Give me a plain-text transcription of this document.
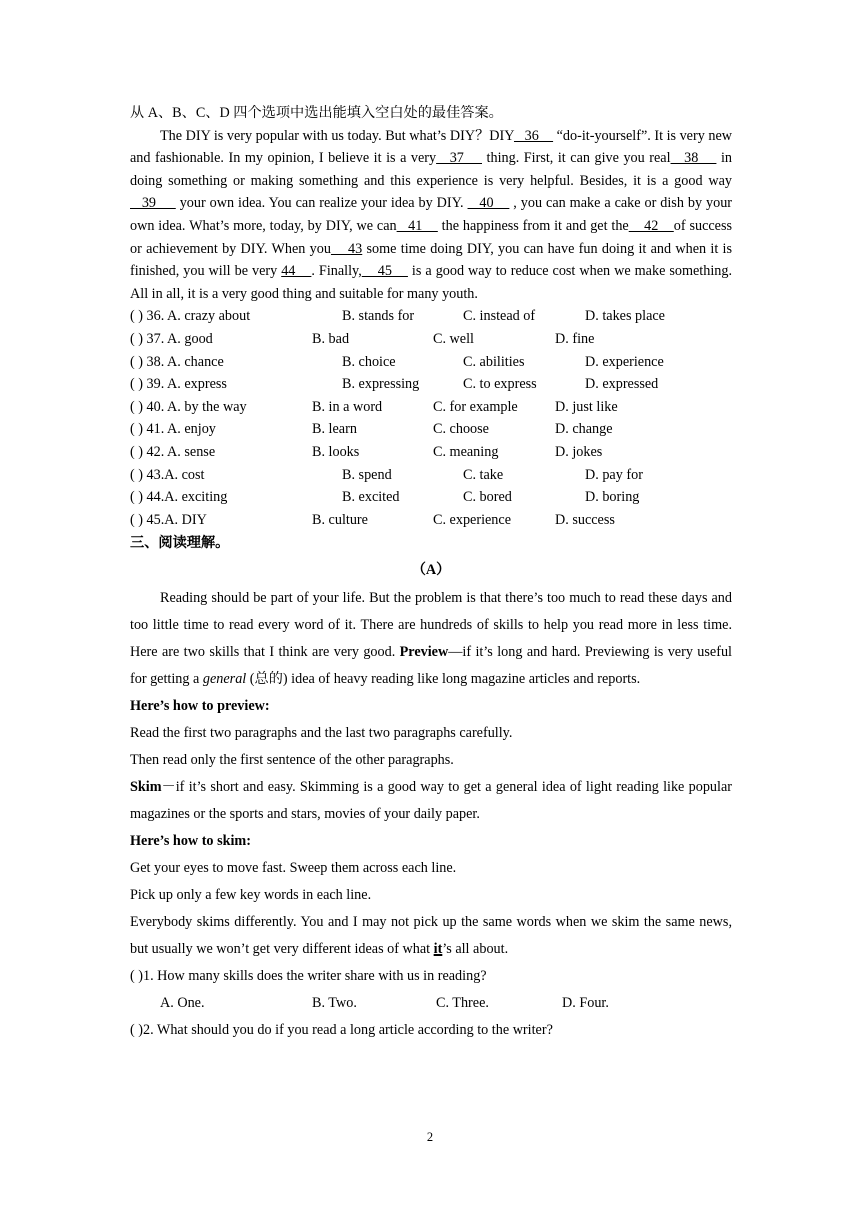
从 A、B、C、D 四个选项中选出能填入空白处的最佳答案。

The DIY is very popular with us today. But what’s DIY？DIY   36     “do-it-yourself”. It is very new and fashionable. In my opinion, I believe it is a very   37     thing. First, it can give you real   38     in doing something or making something and this experience is very helpful. Besides, it is a good way   39      your own idea. You can realize your idea by DIY.    40     , you can make a cake or dish by your own idea. What’s more, today, by DIY, we can   41     the happiness from it and get the    42    of success or achievement by DIY. When you    43 some time doing DIY, you can have fun doing it and when it is finished, you will be very 44    . Finally,    45     is a good way to reduce cost when we make something. All in all, it is a very good thing and suitable for many youth.

( ) 36. A. crazy about	B. stands for	C. instead of	D. takes place
( ) 37. A. good	B. bad	C. well	D. fine
( ) 38. A. chance	B. choice	C. abilities	D. experience
( ) 39. A. express	B. expressing	C. to express	D. expressed
( ) 40. A. by the way	B. in a word	C. for example	D. just like
( ) 41. A. enjoy	B. learn	C. choose	D. change
( ) 42. A. sense	B. looks	C. meaning	D. jokes
( ) 43.A. cost	B. spend	C. take	D. pay for
( ) 44.A. exciting	B. excited	C. bored	D. boring
( ) 45.A. DIY	B. culture	C. experience	D. success

三、阅读理解。

（A）

Reading should be part of your life. But the problem is that there’s too much to read these days and too little time to read every word of it. There are hundreds of skills to help you read more in less time. Here are two skills that I think are very good. Preview—if it’s long and hard. Previewing is very useful for getting a general (总的) idea of heavy reading like long magazine articles and reports.

Here’s how to preview:

Read the first two paragraphs and the last two paragraphs carefully.

Then read only the first sentence of the other paragraphs.

Skim－if it’s short and easy. Skimming is a good way to get a general idea of light reading like popular magazines or the sports and stars, movies of your daily paper.

Here’s how to skim:

Get your eyes to move fast. Sweep them across each line.

Pick up only a few key words in each line.

Everybody skims differently. You and I may not pick up the same words when we skim the same news, but usually we won’t get very different ideas of what it’s all about.

( )1. How many skills does the writer share with us in reading?

A. One.	B. Two.	C. Three.	D. Four.

( )2. What should you do if you read a long article according to the writer?

2
